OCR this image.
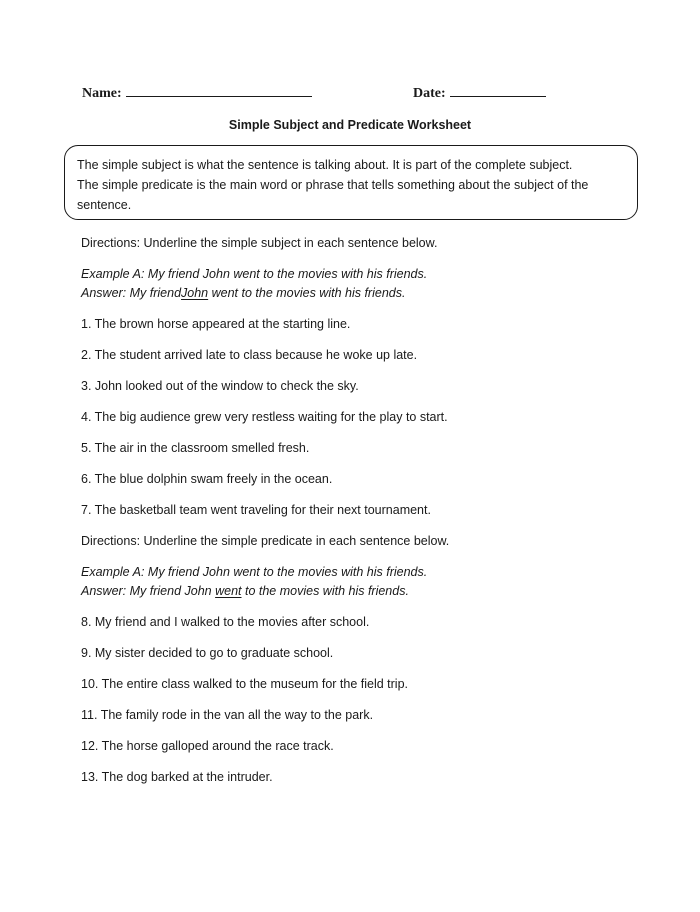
Name:	Date:
Simple Subject and Predicate Worksheet

The simple subject is what the sentence is talking about. It is part of the complete subject.

The simple predicate is the main word or phrase that tells something about the subject of the sentence.

Directions: Underline the simple subject in each sentence below.

Example A: My friend John went to the movies with his friends.
Answer: My friendJohn went to the movies with his friends.

1. The brown horse appeared at the starting line.
2. The student arrived late to class because he woke up late.
3. John looked out of the window to check the sky.
4. The big audience grew very restless waiting for the play to start.
5. The air in the classroom smelled fresh.
6. The blue dolphin swam freely in the ocean.
7. The basketball team went traveling for their next tournament.

Directions: Underline the simple predicate in each sentence below.

Example A: My friend John went to the movies with his friends.
Answer: My friend John went to the movies with his friends.

8. My friend and I walked to the movies after school.
9. My sister decided to go to graduate school.
10. The entire class walked to the museum for the field trip.
11. The family rode in the van all the way to the park.
12. The horse galloped around the race track.
13. The dog barked at the intruder.
